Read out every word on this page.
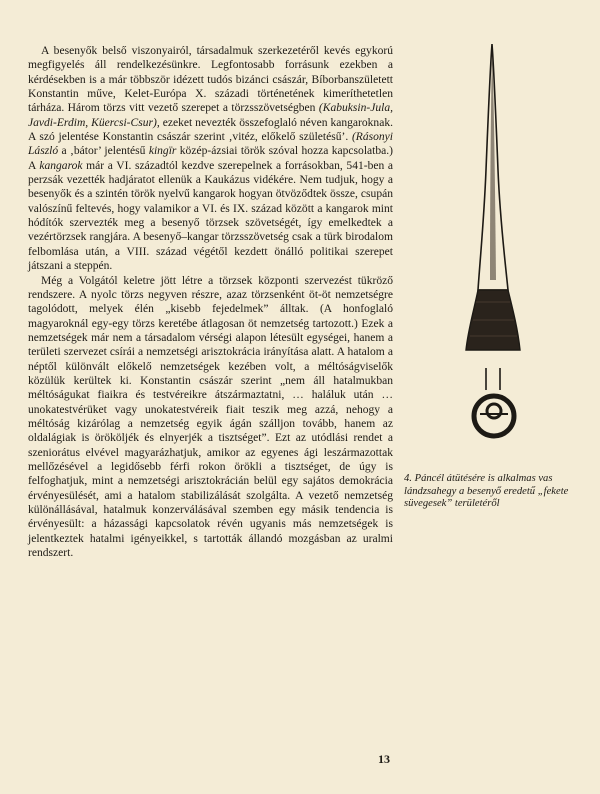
A besenyők belső viszonyairól, társadalmuk szerkezetéről kevés egykorú megfigyelés áll rendelkezésünkre. Legfontosabb forrásunk ezekben a kérdésekben is a már többször idézett tudós bizánci császár, Bíborbanszületett Konstantin műve, Kelet-Európa X. századi történetének kimeríthetetlen tárháza. Három törzs vitt vezető szerepet a törzsszövetségben (Kabuksin-Jula, Javdi-Erdim, Küercsi-Csur), ezeket nevezték összefoglaló néven kangaroknak. A szó jelentése Konstantin császár szerint ‚vitéz, előkelő születésű’. (Rásonyi László a ‚bátor’ jelentésű kingïr közép-ázsiai török szóval hozza kapcsolatba.) A kangarok már a VI. századtól kezdve szerepelnek a forrásokban, 541-ben a perzsák vezették hadjáratot ellenük a Kaukázus vidékére. Nem tudjuk, hogy a besenyők és a szintén török nyelvű kangarok hogyan ötvöződtek össze, csupán valószínű feltevés, hogy valamikor a VI. és IX. század között a kangarok mint hódítók szervezték meg a besenyő törzsek szövetségét, így emelkedtek a vezértörzsek rangjára. A besenyő–kangar törzsszövetség csak a türk birodalom felbomlása után, a VIII. század végétől kezdett önálló politikai szerepet játszani a steppén.

Még a Volgától keletre jött létre a törzsek központi szervezést tükröző rendszere. A nyolc törzs negyven részre, azaz törzsenként öt-öt nemzetségre tagolódott, melyek élén „kisebb fejedelmek” álltak. (A honfoglaló magyaroknál egy-egy törzs keretébe átlagosan öt nemzetség tartozott.) Ezek a nemzetségek már nem a társadalom vérségi alapon létesült egységei, hanem a területi szervezet csírái a nemzetségi arisztokrácia irányítása alatt. A hatalom a néptől különvált előkelő nemzetségek kezében volt, a méltóságviselők közülük kerültek ki. Konstantin császár szerint „nem áll hatalmukban méltóságukat fiaikra és testvéreikre átszármaztatni, … haláluk után … unokatestvérüket vagy unokatestvéreik fiait teszik meg azzá, nehogy a méltóság kizárólag a nemzetség egyik ágán szálljon tovább, hanem az oldalágiak is örököljék és elnyerjék a tisztséget”. Ezt az utódlási rendet a szeniorátus elvével magyarázhatjuk, amikor az egyenes ági leszármazottak mellőzésével a legidősebb férfi rokon örökli a tisztséget, de úgy is felfoghatjuk, mint a nemzetségi arisztokrácián belül egy sajátos demokrácia érvényesülését, ami a hatalom stabilizálását szolgálta. A vezető nemzetség különállásával, hatalmuk konzerválásával szemben egy másik tendencia is érvényesült: a házassági kapcsolatok révén ugyanis más nemzetségek is jelentkeztek hatalmi igényeikkel, s tartották állandó mozgásban az uralmi rendszert.

4. Páncél átütésére is alkalmas vas lándzsahegy a besenyő eredetű „fekete süvegesek” területéről
13
